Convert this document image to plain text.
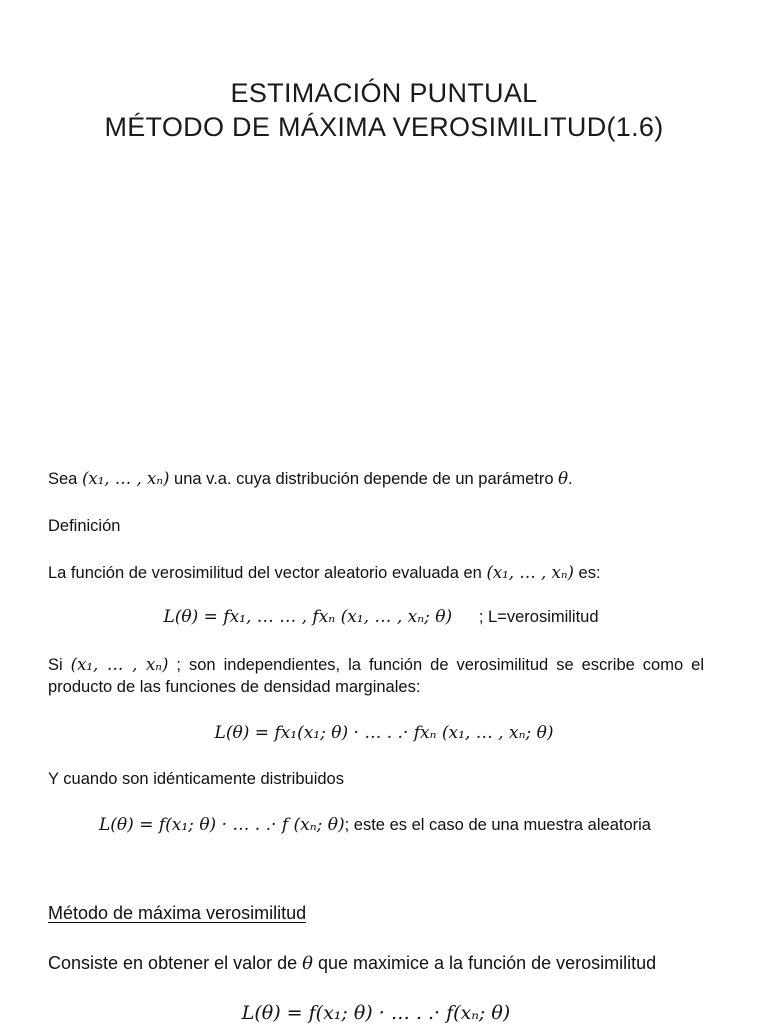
ESTIMACIÓN PUNTUAL
MÉTODO DE MÁXIMA VEROSIMILITUD(1.6)
Sea (x₁, … , xₙ) una v.a. cuya distribución depende de un parámetro θ.
Definición
La función de verosimilitud del vector aleatorio evaluada en (x₁, … , xₙ) es:
L(θ) = fx₁, … … , fxₙ (x₁, … , xₙ; θ) ; L=verosimilitud
Si (x₁, … , xₙ) ; son independientes, la función de verosimilitud se escribe como el producto de las funciones de densidad marginales:
L(θ) = fx₁(x₁; θ) · … . .· fxₙ (x₁, … , xₙ; θ)
Y cuando son idénticamente distribuidos
L(θ) = f(x₁; θ) · … . .· f (xₙ; θ); este es el caso de una muestra aleatoria
Método de máxima verosimilitud
Consiste en obtener el valor de θ que maximice a la función de verosimilitud
L(θ) = f(x₁; θ) · … . .· f(xₙ; θ)
